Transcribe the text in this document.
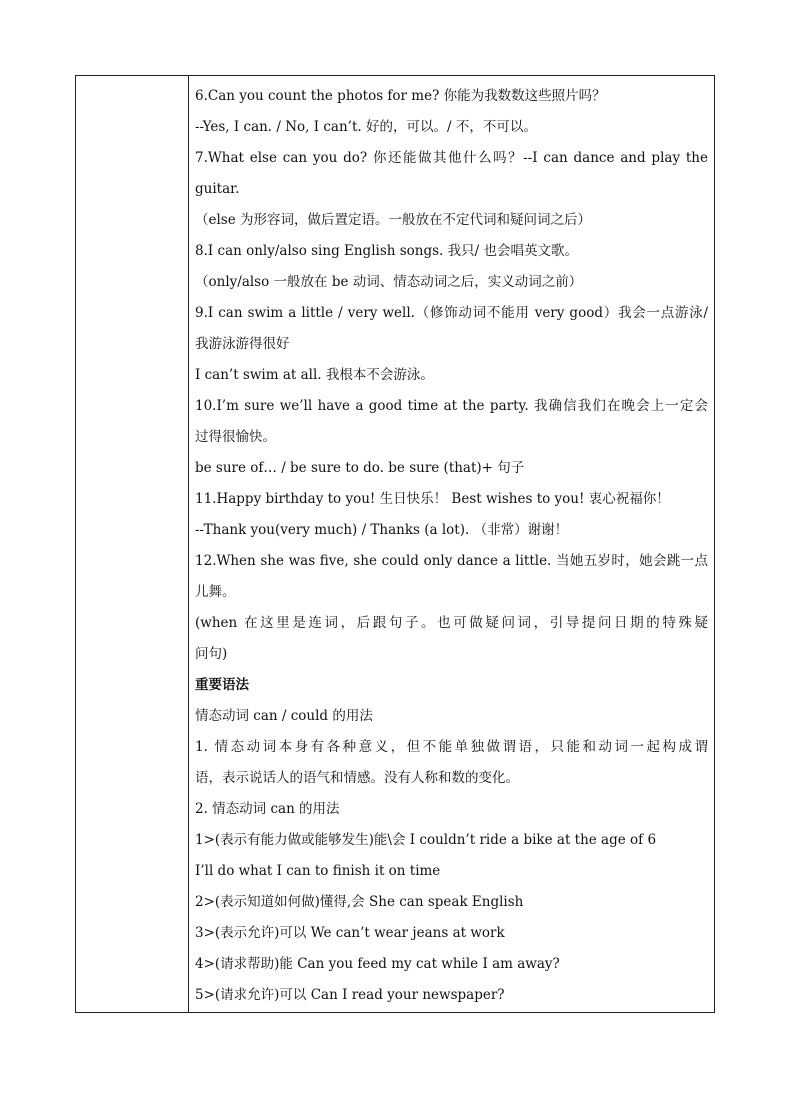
6.Can you count the photos for me? 你能为我数数这些照片吗？
--Yes, I can. / No, I can’t. 好的，可以。/ 不，不可以。
7.What else can you do? 你还能做其他什么吗？--I can dance and play the
guitar.
（else 为形容词，做后置定语。一般放在不定代词和疑问词之后）
8.I can only/also sing English songs. 我只/ 也会唱英文歌。
（only/also 一般放在 be 动词、情态动词之后，实义动词之前）
9.I can swim a little / very well.（修饰动词不能用 very good）我会一点游泳/
我游泳游得很好
I can’t swim at all. 我根本不会游泳。
10.I’m sure we’ll have a good time at the party. 我确信我们在晚会上一定会
过得很愉快。
be sure of… / be sure to do. be sure (that)+ 句子
11.Happy birthday to you! 生日快乐！ Best wishes to you! 衷心祝福你！
--Thank you(very much) / Thanks (a lot). （非常）谢谢！
12.When she was five, she could only dance a little. 当她五岁时，她会跳一点
儿舞。
(when 在这里是连词，后跟句子。也可做疑问词，引导提问日期的特殊疑
问句)
重要语法
情态动词 can / could 的用法
1. 情态动词本身有各种意义，但不能单独做谓语，只能和动词一起构成谓
语，表示说话人的语气和情感。没有人称和数的变化。
2. 情态动词 can 的用法
1>(表示有能力做或能够发生)能\会 I couldn’t ride a bike at the age of 6
I’ll do what I can to finish it on time
2>(表示知道如何做)懂得,会 She can speak English
3>(表示允许)可以 We can’t wear jeans at work
4>(请求帮助)能 Can you feed my cat while I am away?
5>(请求允许)可以 Can I read your newspaper?
